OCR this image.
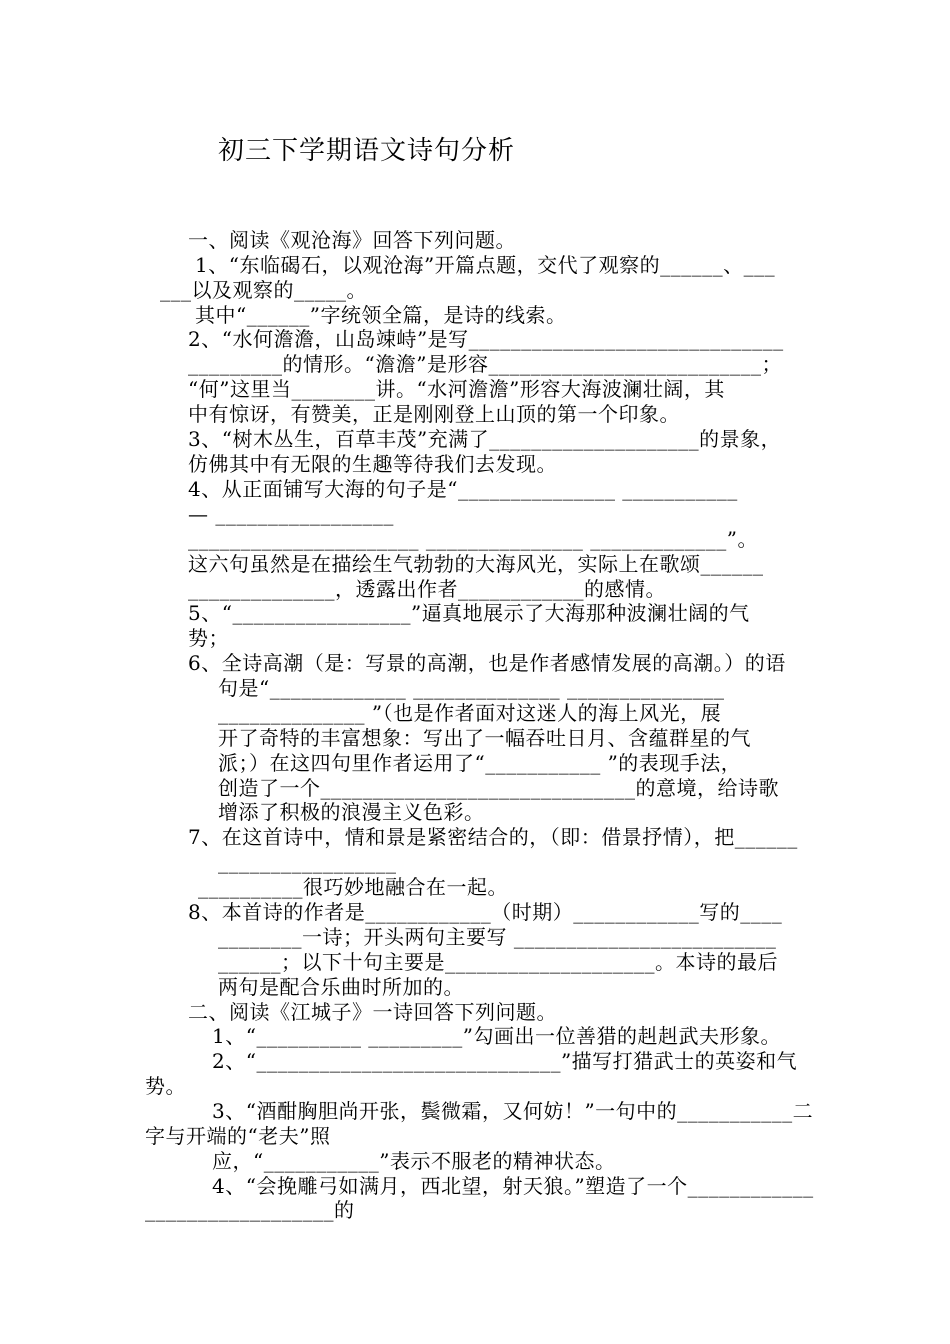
初三下学期语文诗句分析
一、阅读《观沧海》回答下列问题。
1、“东临碣石，以观沧海”开篇点题，交代了观察的______、___
___以及观察的_____。
其中“______”字统领全篇，是诗的线索。
2、“水何澹澹，山岛竦峙”是写______________________________
_________的情形。“澹澹”是形容__________________________；
“何”这里当________讲。“水河澹澹”形容大海波澜壮阔，其
中有惊讶，有赞美，正是刚刚登上山顶的第一个印象。
3、“树木丛生，百草丰茂”充满了____________________的景象，
仿佛其中有无限的生趣等待我们去发现。
4、从正面铺写大海的句子是“_______________ ___________
— _________________
______________________ _______________ _____________”。
这六句虽然是在描绘生气勃勃的大海风光，实际上在歌颂______
______________，透露出作者____________的感情。
5、“_________________”逼真地展示了大海那种波澜壮阔的气
势；
6、全诗高潮（是：写景的高潮，也是作者感情发展的高潮。）的语
句是“_____________ ______________ _______________
______________ ”（也是作者面对这迷人的海上风光，展
开了奇特的丰富想象：写出了一幅吞吐日月、含蕴群星的气
派；）在这四句里作者运用了“___________ ”的表现手法，
创造了一个______________________________的意境，给诗歌
增添了积极的浪漫主义色彩。
7、在这首诗中，情和景是紧密结合的，（即：借景抒情），把______
_________________
__________很巧妙地融合在一起。
8、本首诗的作者是____________（时期）____________写的____
________一诗；开头两句主要写 _________________________
______；以下十句主要是____________________。本诗的最后
两句是配合乐曲时所加的。
二、阅读《江城子》一诗回答下列问题。
1、“__________ _________”勾画出一位善猎的赳赳武夫形象。
2、“_____________________________”描写打猎武士的英姿和气
势。
3、“酒酣胸胆尚开张，鬓微霜，又何妨！”一句中的___________二
字与开端的“老夫”照
应，“___________”表示不服老的精神状态。
4、“会挽雕弓如满月，西北望，射天狼。”塑造了一个____________
__________________的
